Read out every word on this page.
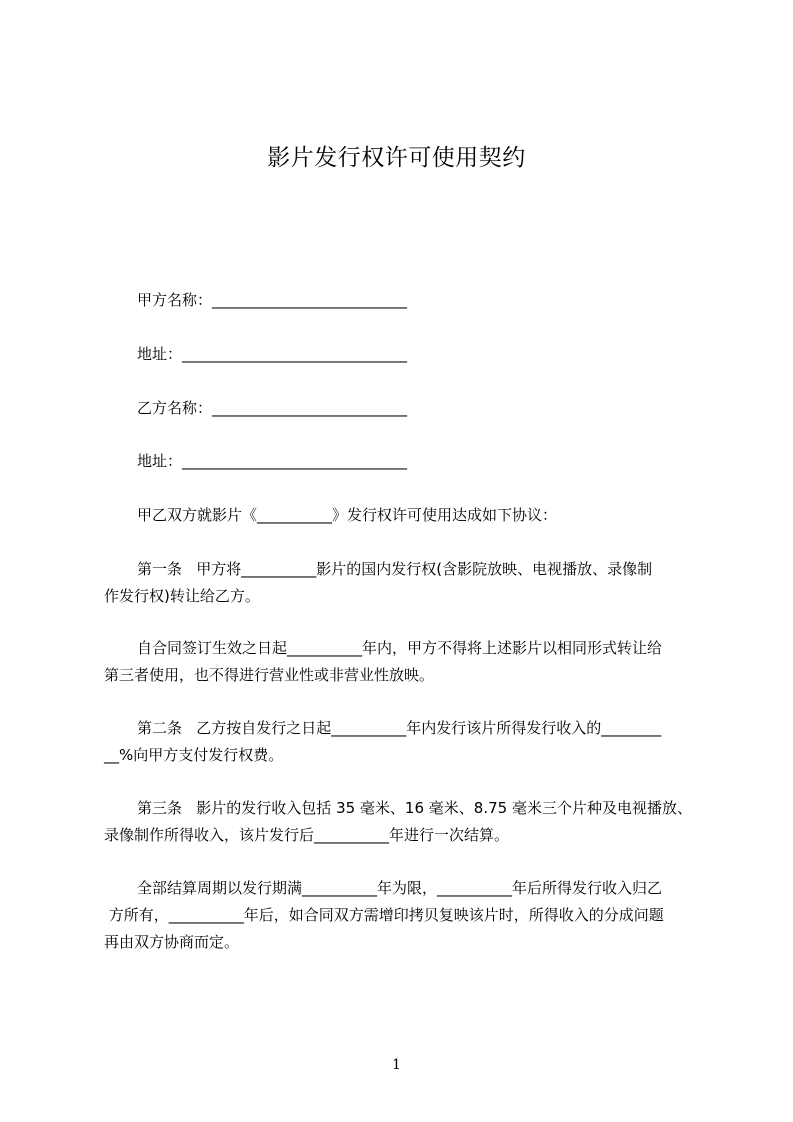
影片发行权许可使用契约
甲方名称：__________________________
地址：______________________________
乙方名称：__________________________
地址：______________________________
甲乙双方就影片《__________》发行权许可使用达成如下协议：
第一条   甲方将__________影片的国内发行权(含影院放映、电视播放、录像制
作发行权)转让给乙方。
自合同签订生效之日起__________年内，甲方不得将上述影片以相同形式转让给
第三者使用，也不得进行营业性或非营业性放映。
第二条   乙方按自发行之日起__________年内发行该片所得发行收入的________
__%向甲方支付发行权费。
第三条   影片的发行收入包括 35 毫米、16 毫米、8.75 毫米三个片种及电视播放、
录像制作所得收入，该片发行后__________年进行一次结算。
全部结算周期以发行期满__________年为限，__________年后所得发行收入归乙
方所有，__________年后，如合同双方需增印拷贝复映该片时，所得收入的分成问题
再由双方协商而定。
1
